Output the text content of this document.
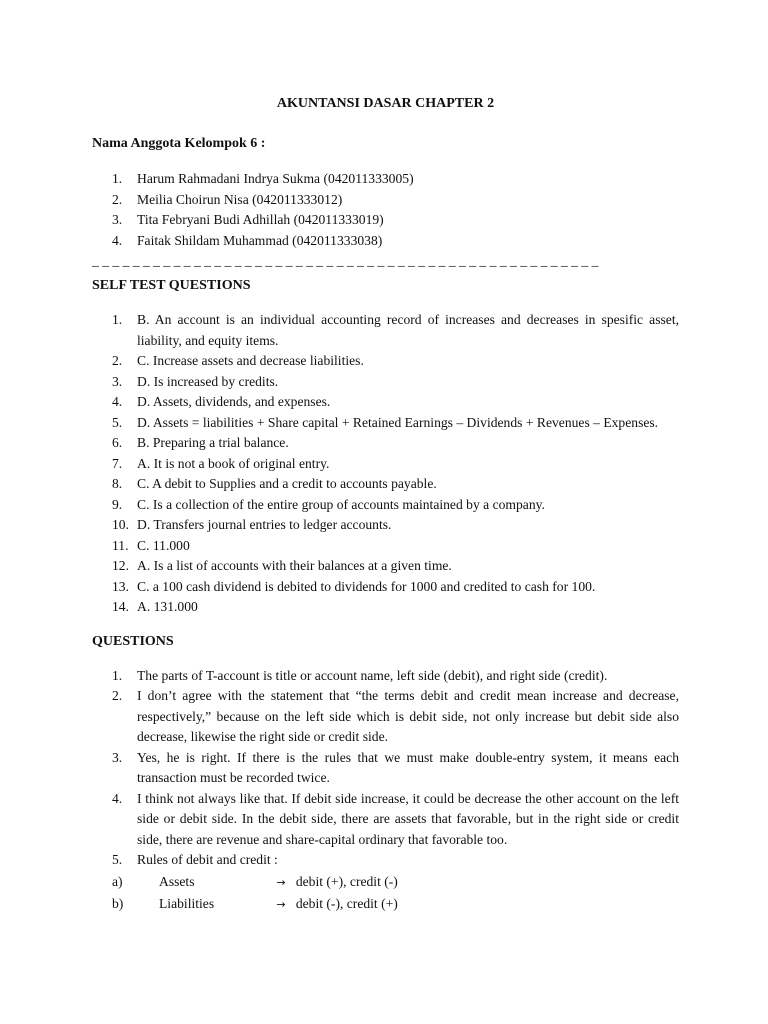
AKUNTANSI DASAR CHAPTER 2

Nama Anggota Kelompok 6 :

1. Harum Rahmadani Indrya Sukma (042011333005)
2. Meilia Choirun Nisa (042011333012)
3. Tita Febryani Budi Adhillah (042011333019)
4. Faitak Shildam Muhammad (042011333038)
_ _ _ _ _ _ _ _ _ _ _ _ _ _ _ _ _ _ _ _ _ _ _ _ _ _ _ _ _ _ _ _ _ _ _ _ _ _ _ _ _ _ _ _ _ _ _ _ _ _

SELF TEST QUESTIONS

1. B. An account is an individual accounting record of increases and decreases in spesific asset, liability, and equity items.
2. C. Increase assets and decrease liabilities.
3. D. Is increased by credits.
4. D. Assets, dividends, and expenses.
5. D. Assets = liabilities + Share capital + Retained Earnings – Dividends + Revenues – Expenses.
6. B. Preparing a trial balance.
7. A. It is not a book of original entry.
8. C. A debit to Supplies and a credit to accounts payable.
9. C. Is a collection of the entire group of accounts maintained by a company.
10. D. Transfers journal entries to ledger accounts.
11. C. 11.000
12. A. Is a list of accounts with their balances at a given time.
13. C. a 100 cash dividend is debited to dividends for 1000 and credited to cash for 100.
14. A. 131.000

QUESTIONS

1. The parts of T-account is title or account name, left side (debit), and right side (credit).
2. I don’t agree with the statement that “the terms debit and credit mean increase and decrease, respectively,” because on the left side which is debit side, not only increase but debit side also decrease, likewise the right side or credit side.
3. Yes, he is right. If there is the rules that we must make double-entry system, it means each transaction must be recorded twice.
4. I think not always like that. If debit side increase, it could be decrease the other account on the left side or debit side. In the debit side, there are assets that favorable, but in the right side or credit side, there are revenue and share-capital ordinary that favorable too.
5. Rules of debit and credit :
a)	Assets	→ debit (+), credit (-)
b)	Liabilities	→ debit (-), credit (+)
